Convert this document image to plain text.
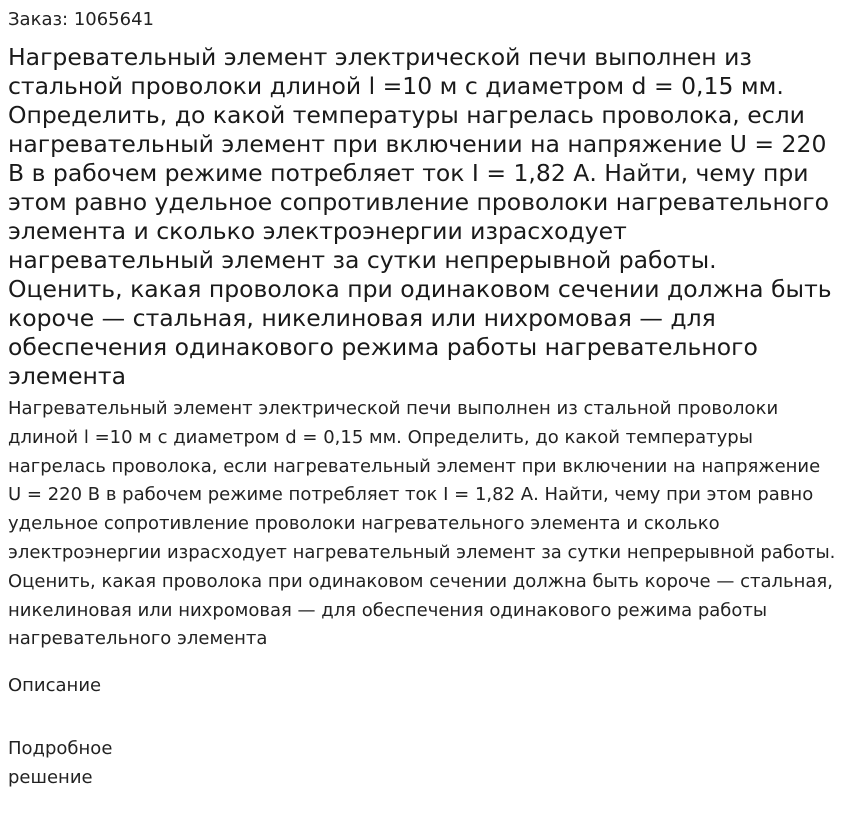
Заказ: 1065641

Нагревательный элемент электрической печи выполнен из стальной проволоки длиной l =10 м с диаметром d = 0,15 мм. Определить, до какой температуры нагрелась проволока, если нагревательный элемент при включении на напряжение U = 220 В в рабочем режиме потребляет ток I = 1,82 А. Найти, чему при этом равно удельное сопротивление проволоки нагревательного элемента и сколько электроэнергии израсходует нагревательный элемент за сутки непрерывной работы. Оценить, какая проволока при одинаковом сечении должна быть короче — стальная, никелиновая или нихромовая — для обеспечения одинакового режима работы нагревательного элемента

Нагревательный элемент электрической печи выполнен из стальной проволоки длиной l =10 м с диаметром d = 0,15 мм. Определить, до какой температуры нагрелась проволока, если нагревательный элемент при включении на напряжение U = 220 В в рабочем режиме потребляет ток I = 1,82 А. Найти, чему при этом равно удельное сопротивление проволоки нагревательного элемента и сколько электроэнергии израсходует нагревательный элемент за сутки непрерывной работы. Оценить, какая проволока при одинаковом сечении должна быть короче — стальная, никелиновая или нихромовая — для обеспечения одинакового режима работы нагревательного элемента

Описание
Подробное решение
